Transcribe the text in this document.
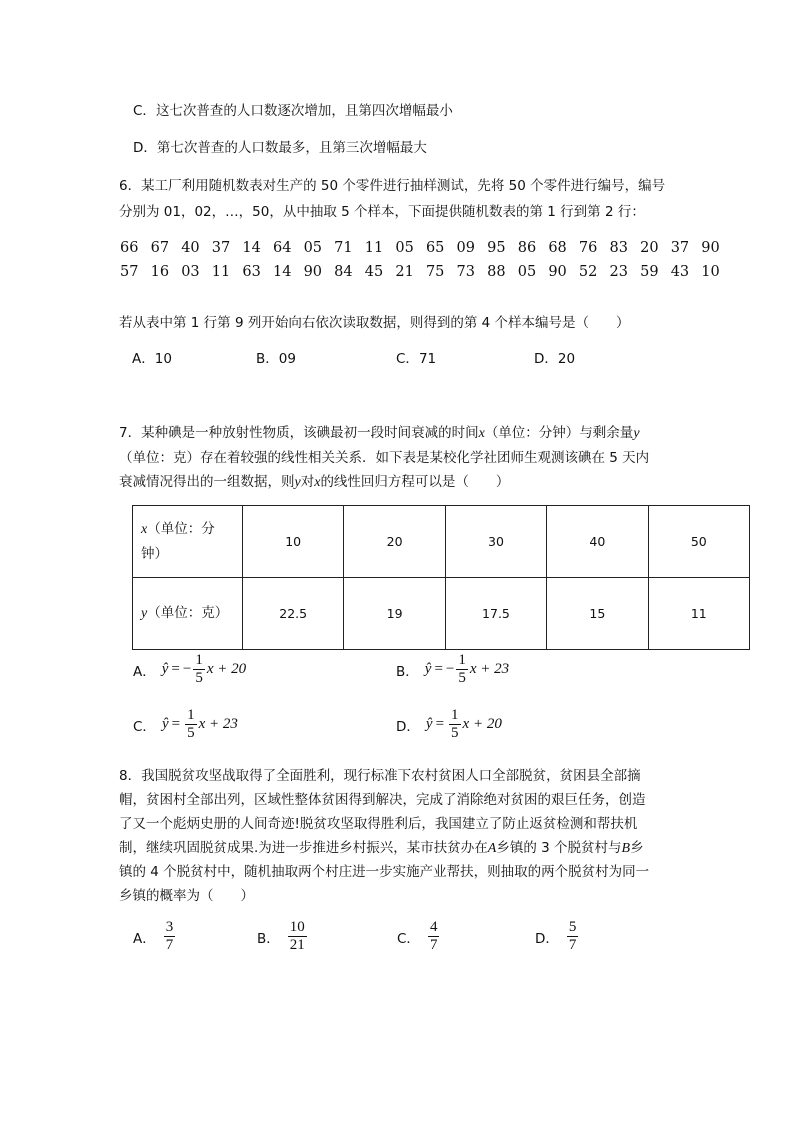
C．这七次普查的人口数逐次增加，且第四次增幅最小
D．第七次普查的人口数最多，且第三次增幅最大
6．某工厂利用随机数表对生产的 50 个零件进行抽样测试，先将 50 个零件进行编号，编号
分别为 01，02，…，50，从中抽取 5 个样本，下面提供随机数表的第 1 行到第 2 行：
66 67 40 37 14 64 05 71 11 05 65 09 95 86 68 76 83 20 37 90
57 16 03 11 63 14 90 84 45 21 75 73 88 05 90 52 23 59 43 10
若从表中第 1 行第 9 列开始向右依次读取数据，则得到的第 4 个样本编号是（　　）
A．10	B．09	C．71	D．20
7．某种碘是一种放射性物质，该碘最初一段时间衰减的时间x（单位：分钟）与剩余量y
（单位：克）存在着较强的线性相关关系．如下表是某校化学社团师生观测该碘在 5 天内
衰减情况得出的一组数据，则y对x的线性回归方程可以是（　　）
x（单位：分钟）	10	20	30	40	50
y（单位：克）	22.5	19	17.5	15	11
A． ŷ = − $\frac{1}{5}$ x + 20	B． ŷ = − $\frac{1}{5}$ x + 23
C． ŷ = $\frac{1}{5}$ x + 23	D． ŷ = $\frac{1}{5}$ x + 20
8．我国脱贫攻坚战取得了全面胜利，现行标准下农村贫困人口全部脱贫，贫困县全部摘
帽，贫困村全部出列，区域性整体贫困得到解决，完成了消除绝对贫困的艰巨任务，创造
了又一个彪炳史册的人间奇迹!脱贫攻坚取得胜利后，我国建立了防止返贫检测和帮扶机
制，继续巩固脱贫成果.为进一步推进乡村振兴，某市扶贫办在A乡镇的 3 个脱贫村与B乡
镇的 4 个脱贫村中，随机抽取两个村庄进一步实施产业帮扶，则抽取的两个脱贫村为同一
乡镇的概率为（　　）
A． $\frac{3}{7}$	B． $\frac{10}{21}$	C． $\frac{4}{7}$	D． $\frac{5}{7}$
